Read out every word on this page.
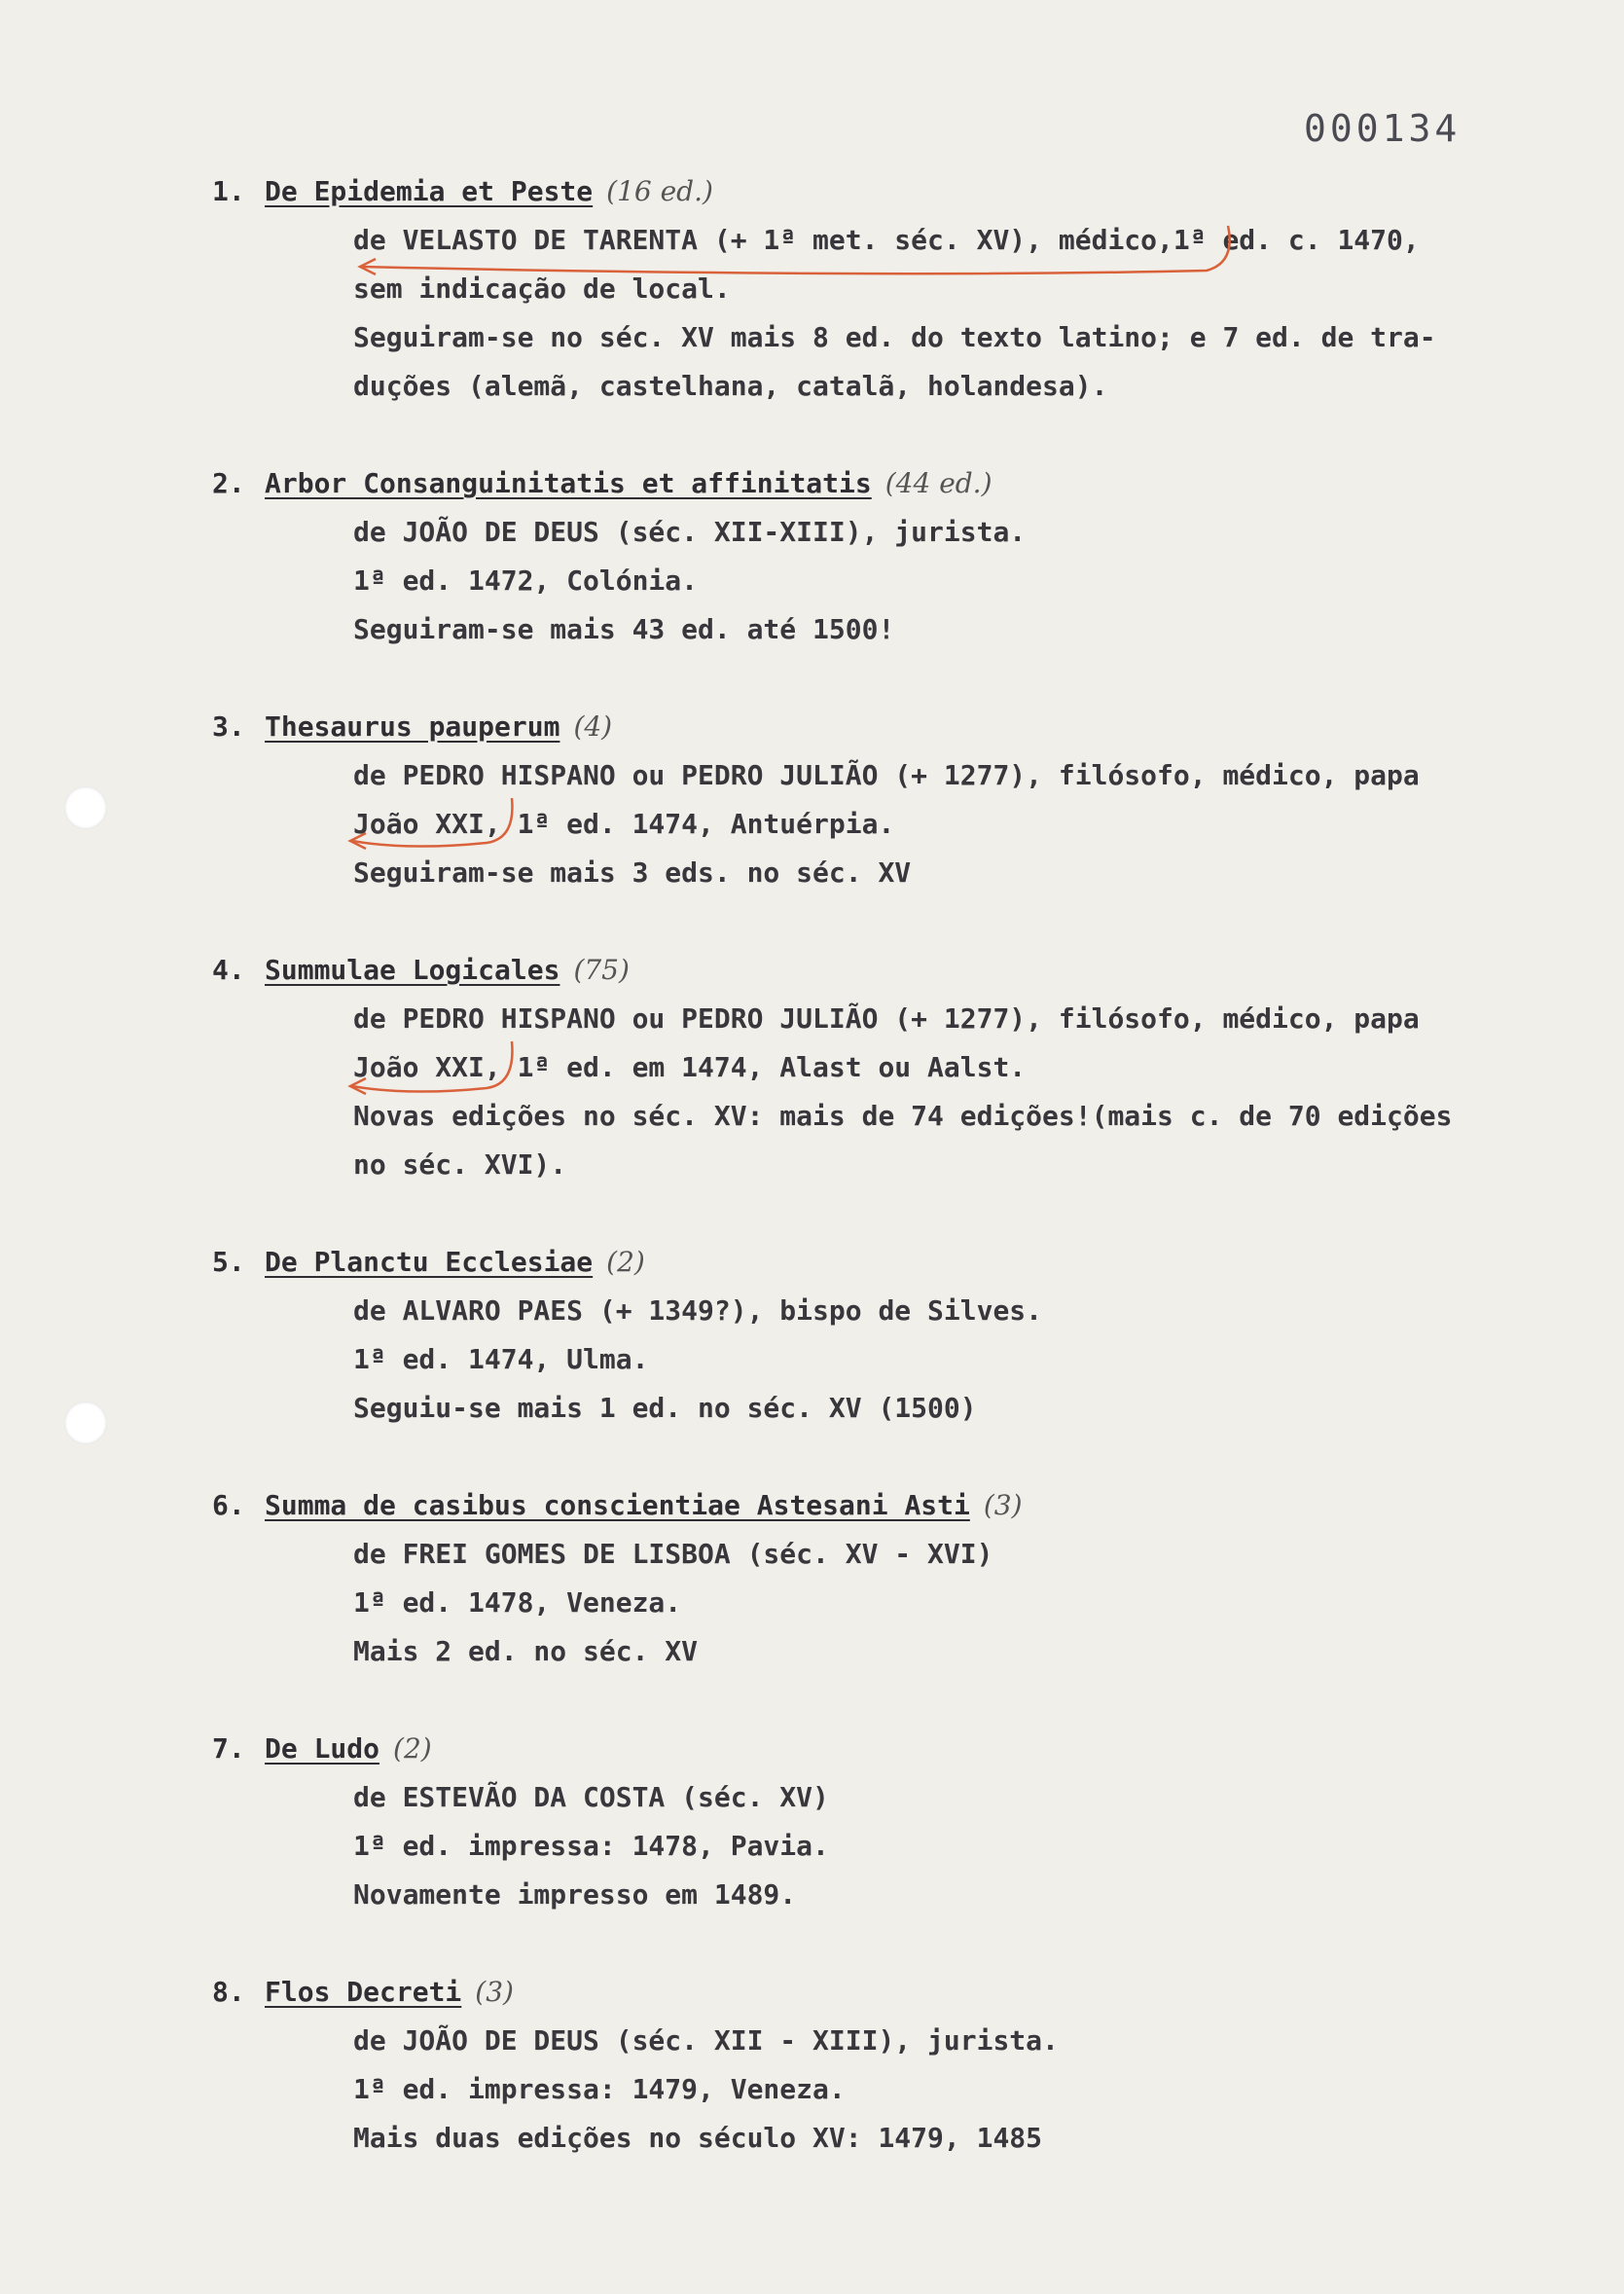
000134
1. De Epidemia et Peste (16 ed.)
de VELASTO DE TARENTA (+ 1ª met. séc. XV), médico,1ª ed. c. 1470,
sem indicação de local.
Seguiram-se no séc. XV mais 8 ed. do texto latino; e 7 ed. de tra-
duções (alemã, castelhana, catalã, holandesa).
2. Arbor Consanguinitatis et affinitatis (44 ed.)
de JOÃO DE DEUS (séc. XII-XIII), jurista.
1ª ed. 1472, Colónia.
Seguiram-se mais 43 ed. até 1500!
3. Thesaurus pauperum (4)
de PEDRO HISPANO ou PEDRO JULIÃO (+ 1277), filósofo, médico, papa
João XXI, 1ª ed. 1474, Antuérpia.
Seguiram-se mais 3 eds. no séc. XV
4. Summulae Logicales (75)
de PEDRO HISPANO ou PEDRO JULIÃO (+ 1277), filósofo, médico, papa
João XXI, 1ª ed. em 1474, Alast ou Aalst.
Novas edições no séc. XV: mais de 74 edições!(mais c. de 70 edições
no séc. XVI).
5. De Planctu Ecclesiae (2)
de ALVARO PAES (+ 1349?), bispo de Silves.
1ª ed. 1474, Ulma.
Seguiu-se mais 1 ed. no séc. XV (1500)
6. Summa de casibus conscientiae Astesani Asti (3)
de FREI GOMES DE LISBOA (séc. XV - XVI)
1ª ed. 1478, Veneza.
Mais 2 ed. no séc. XV
7. De Ludo (2)
de ESTEVÃO DA COSTA (séc. XV)
1ª ed. impressa: 1478, Pavia.
Novamente impresso em 1489.
8. Flos Decreti (3)
de JOÃO DE DEUS (séc. XII - XIII), jurista.
1ª ed. impressa: 1479, Veneza.
Mais duas edições no século XV: 1479, 1485
